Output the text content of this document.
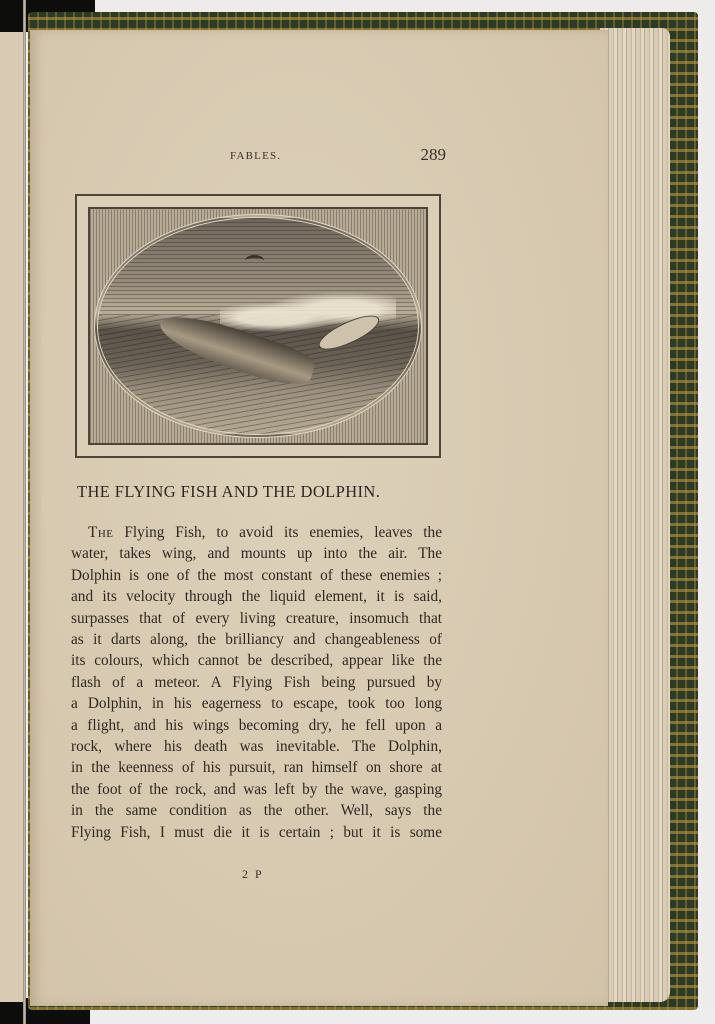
FABLES.	289
THE FLYING FISH AND THE DOLPHIN.
The Flying Fish, to avoid its enemies, leaves the
water, takes wing, and mounts up into the air. The
Dolphin is one of the most constant of these enemies ;
and its velocity through the liquid element, it is said,
surpasses that of every living creature, insomuch that
as it darts along, the brilliancy and changeableness of
its colours, which cannot be described, appear like the
flash of a meteor. A Flying Fish being pursued by
a Dolphin, in his eagerness to escape, took too long
a flight, and his wings becoming dry, he fell upon a
rock, where his death was inevitable. The Dolphin,
in the keenness of his pursuit, ran himself on shore at
the foot of the rock, and was left by the wave, gasping
in the same condition as the other. Well, says the
Flying Fish, I must die it is certain ; but it is some
2 P
